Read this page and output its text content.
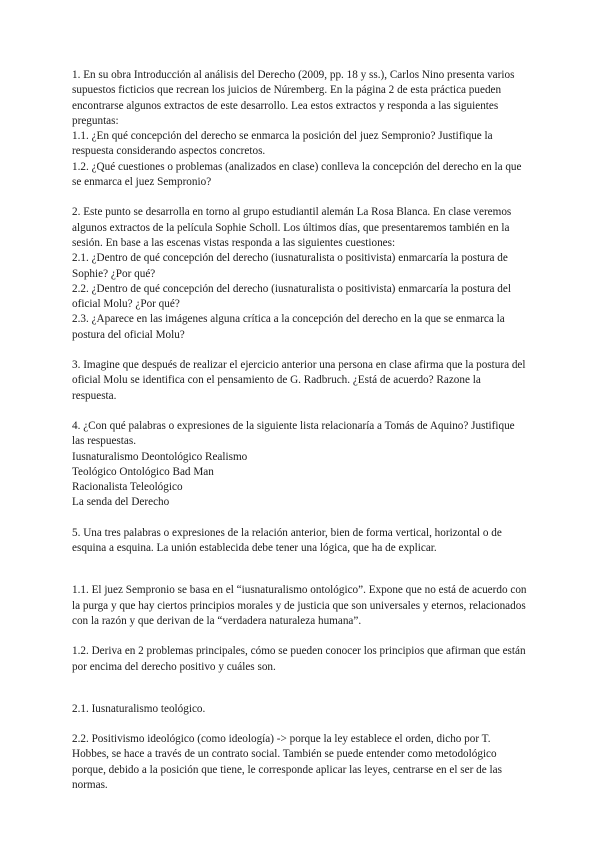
1. En su obra Introducción al análisis del Derecho (2009, pp. 18 y ss.), Carlos Nino presenta varios supuestos ficticios que recrean los juicios de Núremberg. En la página 2 de esta práctica pueden encontrarse algunos extractos de este desarrollo. Lea estos extractos y responda a las siguientes preguntas:

1.1. ¿En qué concepción del derecho se enmarca la posición del juez Sempronio? Justifique la respuesta considerando aspectos concretos.

1.2. ¿Qué cuestiones o problemas (analizados en clase) conlleva la concepción del derecho en la que se enmarca el juez Sempronio?

2. Este punto se desarrolla en torno al grupo estudiantil alemán La Rosa Blanca. En clase veremos algunos extractos de la película Sophie Scholl. Los últimos días, que presentaremos también en la sesión. En base a las escenas vistas responda a las siguientes cuestiones:

2.1. ¿Dentro de qué concepción del derecho (iusnaturalista o positivista) enmarcaría la postura de Sophie? ¿Por qué?

2.2. ¿Dentro de qué concepción del derecho (iusnaturalista o positivista) enmarcaría la postura del oficial Molu? ¿Por qué?

2.3. ¿Aparece en las imágenes alguna crítica a la concepción del derecho en la que se enmarca la postura del oficial Molu?

3. Imagine que después de realizar el ejercicio anterior una persona en clase afirma que la postura del oficial Molu se identifica con el pensamiento de G. Radbruch. ¿Está de acuerdo? Razone la respuesta.

4. ¿Con qué palabras o expresiones de la siguiente lista relacionaría a Tomás de Aquino? Justifique las respuestas.

Iusnaturalismo Deontológico Realismo

Teológico Ontológico Bad Man

Racionalista Teleológico

La senda del Derecho

5. Una tres palabras o expresiones de la relación anterior, bien de forma vertical, horizontal o de esquina a esquina. La unión establecida debe tener una lógica, que ha de explicar.

1.1. El juez Sempronio se basa en el “iusnaturalismo ontológico”. Expone que no está de acuerdo con la purga y que hay ciertos principios morales y de justicia que son universales y eternos, relacionados con la razón y que derivan de la “verdadera naturaleza humana”.

1.2. Deriva en 2 problemas principales, cómo se pueden conocer los principios que afirman que están por encima del derecho positivo y cuáles son.

2.1. Iusnaturalismo teológico.

2.2. Positivismo ideológico (como ideología) -> porque la ley establece el orden, dicho por T. Hobbes, se hace a través de un contrato social. También se puede entender como metodológico porque, debido a la posición que tiene, le corresponde aplicar las leyes, centrarse en el ser de las normas.
